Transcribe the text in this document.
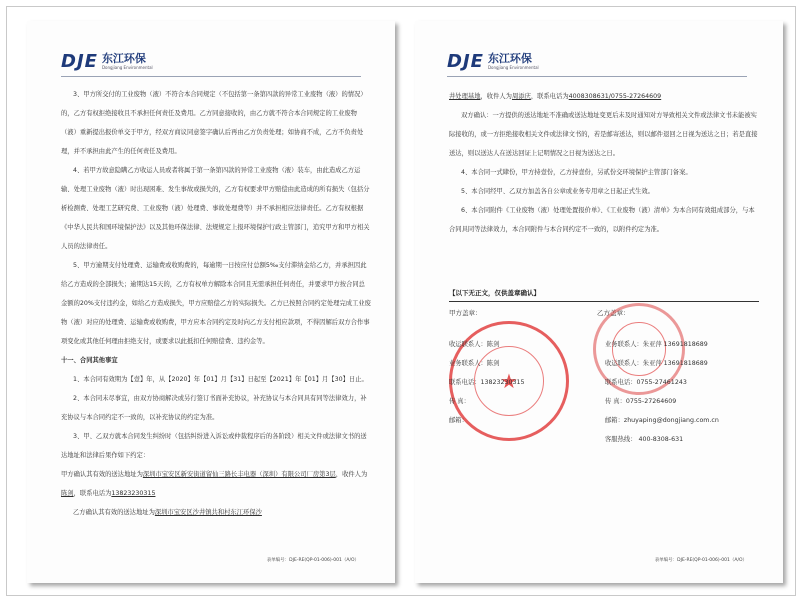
DJE 东江环保
Dongjiang Environmental

3、甲方所交付的工业废物（液）不符合本合同规定（不包括第一条第四款的异常工业废物（液）的情况）的，乙方有权拒绝接收且不承担任何责任及费用。乙方同意接收的，由乙方就不符合本合同规定的工业废物（液）重新提出报价单交于甲方，经双方商议同意签字确认后再由乙方负责处理；如协商不成，乙方不负责处理，并不承担由此产生的任何责任及费用。

4、若甲方故意隐瞒乙方收运人员或者将属于第一条第四款的异常工业废物（液）装车，由此造成乙方运输、处理工业废物（液）时出现困难、发生事故或损失的，乙方有权要求甲方赔偿由此造成的所有损失（包括分析检测费、处理工艺研究费、工业废物（液）处理费、事故处理费等）并不承担相应法律责任。乙方有权根据《中华人民共和国环境保护法》以及其他环保法律、法规规定上报环境保护行政主管部门，追究甲方和甲方相关人员的法律责任。

5、甲方逾期支付处理费、运输费或收购费的，每逾期一日按应付总额5‰支付滞纳金给乙方，并承担因此给乙方造成的全部损失；逾期达15天的，乙方有权单方解除本合同且无需承担任何责任，并要求甲方按合同总金额的20%支付违约金，如给乙方造成损失，甲方应赔偿乙方的实际损失。乙方已按照合同约定处理完成工业废物（液）对应的处理费、运输费或收购费，甲方应本合同约定及时向乙方支付相应款项，不得因解后双方合作事项变化或其他任何理由拒绝支付，或要求以此抵扣任何赔偿费、违约金等。

十一、合同其他事宜

1、本合同有效期为【壹】年，从【2020】年【01】月【31】日起至【2021】年【01】月【30】日止。

2、本合同未尽事宜，由双方协商解决或另行签订书面补充协议，补充协议与本合同具有同等法律效力，补充协议与本合同约定不一致的，以补充协议的约定为准。

3、甲、乙双方就本合同发生纠纷时（包括纠纷进入诉讼或仲裁程序后的各阶段）相关文件或法律文书的送达地址和法律后果作如下约定：

甲方确认其有效的送达地址为深圳市宝安区新安街道留仙三路长丰电器（深圳）有限公司厂房第3层，收件人为陈剑，联系电话为13823230315

乙方确认其有效的送达地址为深圳市宝安区沙井镇共和村东江环保沙

表单编号：DJE-RE(QP-01-006)-001（A/O）
DJE 东江环保
Dongjiang Environmental

井处理基地，收件人为周添庆，联系电话为4008308631/0755-27264609

双方确认：一方提供的送达地址不准确或送达地址变更后未及时通知对方导致相关文件或法律文书未能被实际接收的，或一方拒绝接收相关文件或法律文书的，若是邮寄送达，则以邮件退回之日视为送达之日；若是直接送达，则以送达人在送达回证上记明情况之日视为送达之日。

4、本合同一式肆份，甲方持壹份，乙方持壹份，另贰份交环境保护主管部门备案。

5、本合同经甲、乙双方加盖各自公章或业务专用章之日起正式生效。

6、本合同附件《工业废物（液）处理处置报价单》、《工业废物（液）清单》为本合同有效组成部分，与本合同具同等法律效力，本合同附件与本合同约定不一致的，以附件约定为准。

【以下无正文，仅供盖章确认】
甲方盖章：	乙方盖章：
★
收运联系人：陈剑
业务联系人：陈剑
联系电话：13823230315
传 真：
邮箱：
业务联系人：朱亚萍 13691818689
收运联系人：朱亚萍 13691818689
联系电话：0755-27461243
传 真：0755-27264609
邮箱：zhuyaping@dongjiang.com.cn
客服热线： 400-8308-631
表单编号：DJE-RE(QP-01-006)-001（A/O）
